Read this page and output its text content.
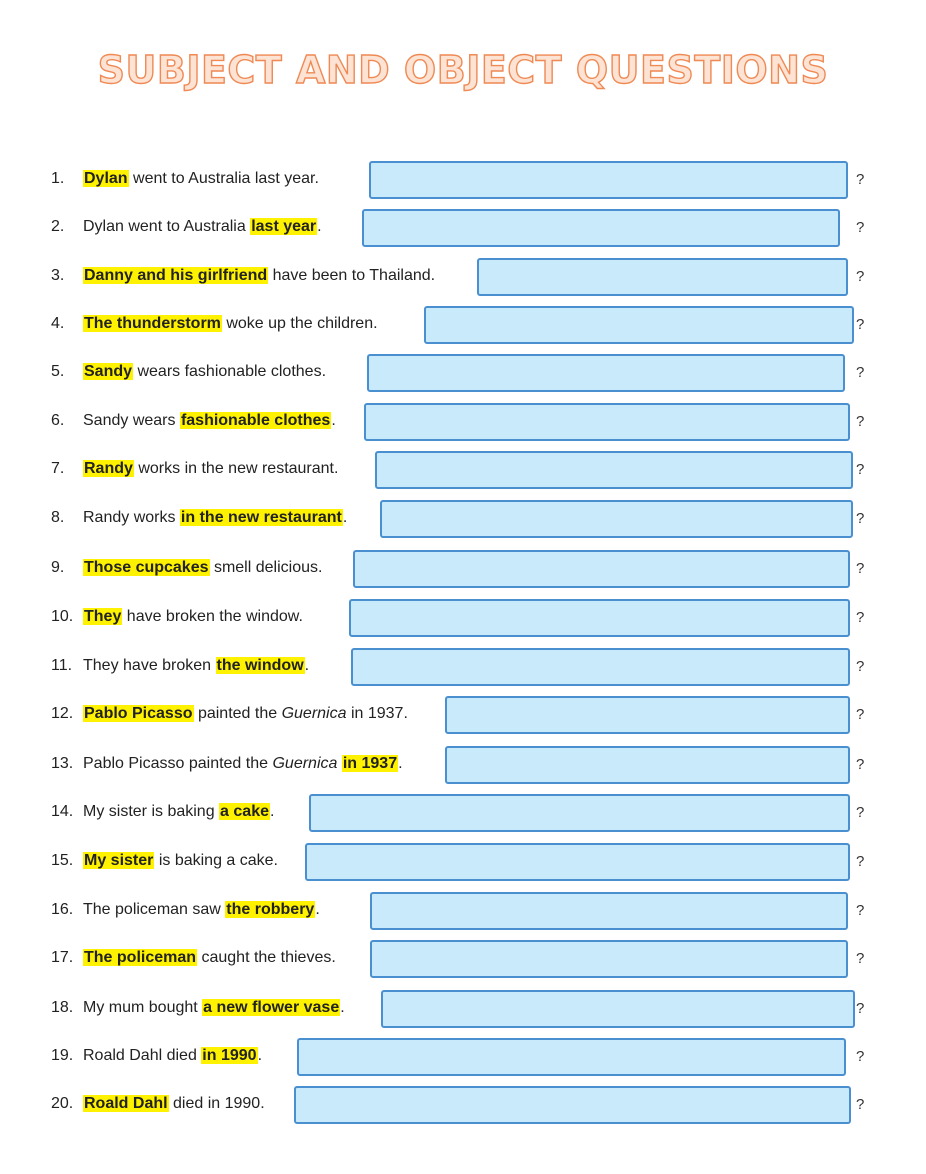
SUBJECT AND OBJECT QUESTIONS
1.	Dylan went to Australia last year.	?
2.	Dylan went to Australia last year.	?
3.	Danny and his girlfriend have been to Thailand.	?
4.	The thunderstorm woke up the children.	?
5.	Sandy wears fashionable clothes.	?
6.	Sandy wears fashionable clothes.	?
7.	Randy works in the new restaurant.	?
8.	Randy works in the new restaurant.	?
9.	Those cupcakes smell delicious.	?
10. They have broken the window.	?
11. They have broken the window.	?
12. Pablo Picasso painted the Guernica in 1937.	?
13. Pablo Picasso painted the Guernica in 1937.	?
14. My sister is baking a cake.	?
15. My sister is baking a cake.	?
16. The policeman saw the robbery.	?
17. The policeman caught the thieves.	?
18. My mum bought a new flower vase.	?
19. Roald Dahl died in 1990.	?
20. Roald Dahl died in 1990.	?
